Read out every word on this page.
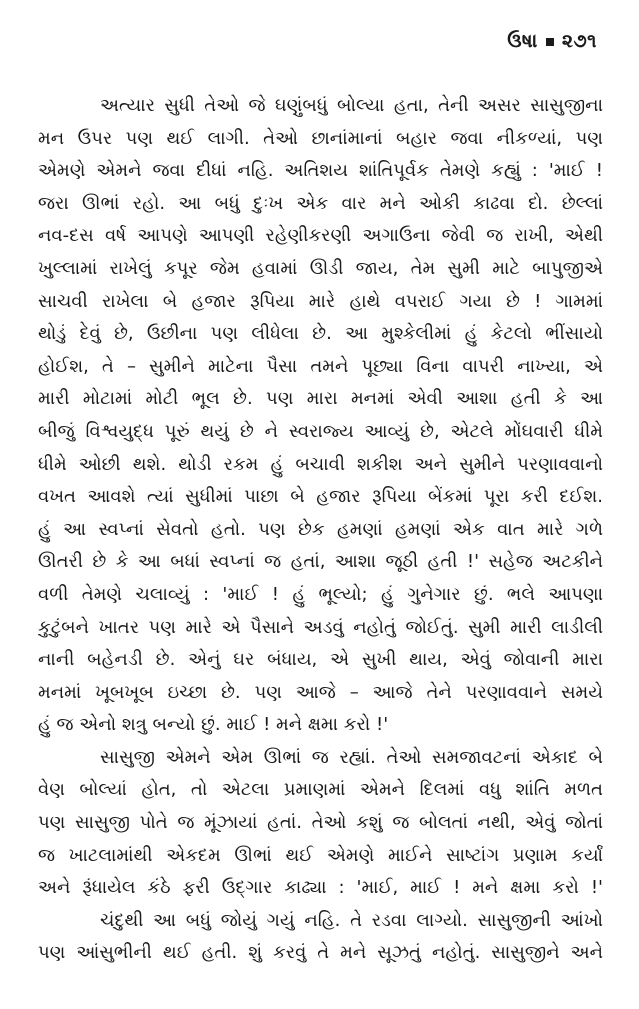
ઉષા ૨૭૧
અત્યાર સુધી તેઓ જે ઘણુંબધું બોલ્યા હતા, તેની અસર સાસુજીના
મન ઉપર પણ થઈ લાગી. તેઓ છાનાંમાનાં બહાર જવા નીકળ્યાં, પણ
એમણે એમને જવા દીધાં નહિ. અતિશય શાંતિપૂર્વક તેમણે કહ્યું : 'માઈ !
જરા ઊભાં રહો. આ બધું દુઃખ એક વાર મને ઓકી કાઢવા દો. છેલ્લાં
નવ-દસ વર્ષ આપણે આપણી રહેણીકરણી અગાઉના જેવી જ રાખી, એથી
ખુલ્લામાં રાખેલું કપૂર જેમ હવામાં ઊડી જાય, તેમ સુમી માટે બાપુજીએ
સાચવી રાખેલા બે હજાર રૂપિયા મારે હાથે વપરાઈ ગયા છે ! ગામમાં
થોડું દેવું છે, ઉછીના પણ લીધેલા છે. આ મુશ્કેલીમાં હું કેટલો ભીંસાયો
હોઈશ, તે – સુમીને માટેના પૈસા તમને પૂછ્યા વિના વાપરી નાખ્યા, એ
મારી મોટામાં મોટી ભૂલ છે. પણ મારા મનમાં એવી આશા હતી કે આ
બીજું વિશ્વયુદ્ધ પૂરું થયું છે ને સ્વરાજ્ય આવ્યું છે, એટલે મોંઘવારી ધીમે
ધીમે ઓછી થશે. થોડી રકમ હું બચાવી શકીશ અને સુમીને પરણાવવાનો
વખત આવશે ત્યાં સુધીમાં પાછા બે હજાર રૂપિયા બેંકમાં પૂરા કરી દઈશ.
હું આ સ્વપ્નાં સેવતો હતો. પણ છેક હમણાં હમણાં એક વાત મારે ગળે
ઊતરી છે કે આ બધાં સ્વપ્નાં જ હતાં, આશા જૂઠી હતી !' સહેજ અટકીને
વળી તેમણે ચલાવ્યું : 'માઈ ! હું ભૂલ્યો; હું ગુનેગાર છું. ભલે આપણા
કુટુંબને ખાતર પણ મારે એ પૈસાને અડવું નહોતું જોઈતું. સુમી મારી લાડીલી
નાની બહેનડી છે. એનું ઘર બંધાય, એ સુખી થાય, એવું જોવાની મારા
મનમાં ખૂબખૂબ ઇચ્છા છે. પણ આજે – આજે તેને પરણાવવાને સમયે
હું જ એનો શત્રુ બન્યો છું. માઈ ! મને ક્ષમા કરો !'
સાસુજી એમને એમ ઊભાં જ રહ્યાં. તેઓ સમજાવટનાં એકાદ બે
વેણ બોલ્યાં હોત, તો એટલા પ્રમાણમાં એમને દિલમાં વધુ શાંતિ મળત
પણ સાસુજી પોતે જ મૂંઝાયાં હતાં. તેઓ કશું જ બોલતાં નથી, એવું જોતાં
જ ખાટલામાંથી એકદમ ઊભાં થઈ એમણે માઈને સાષ્ટાંગ પ્રણામ કર્યાં
અને રૂંધાયેલ કંઠે ફરી ઉદ્ગાર કાઢ્યા : 'માઈ, માઈ ! મને ક્ષમા કરો !'
ચંદુથી આ બધું જોયું ગયું નહિ. તે રડવા લાગ્યો. સાસુજીની આંખો
પણ આંસુભીની થઈ હતી. શું કરવું તે મને સૂઝતું નહોતું. સાસુજીને અને
